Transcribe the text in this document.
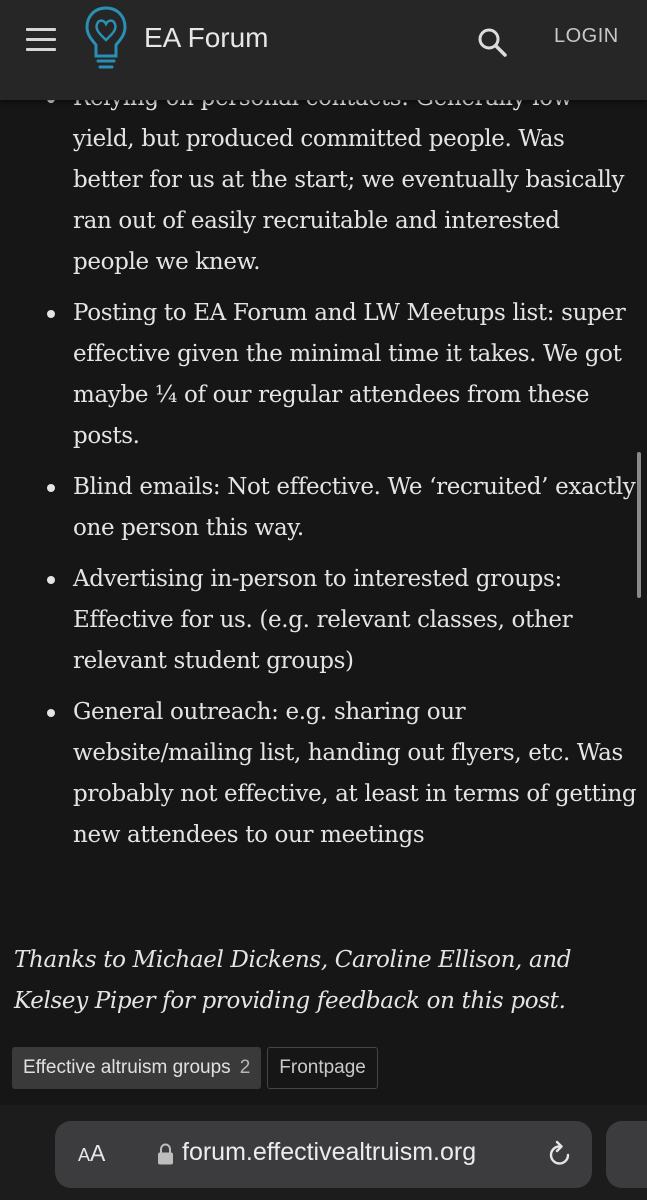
yield, but produced committed people. Was better for us at the start; we eventually basically ran out of easily recruitable and interested people we knew.
Posting to EA Forum and LW Meetups list: super effective given the minimal time it takes. We got maybe ¼ of our regular attendees from these posts.
Blind emails: Not effective. We ‘recruited’ exactly one person this way.
Advertising in-person to interested groups: Effective for us. (e.g. relevant classes, other relevant student groups)
General outreach: e.g. sharing our website/mailing list, handing out flyers, etc. Was probably not effective, at least in terms of getting new attendees to our meetings
Thanks to Michael Dickens, Caroline Ellison, and Kelsey Piper for providing feedback on this post.
Effective altruism groups 2 Frontpage
EA Forum	LOGIN
AA	forum.effectivealtruism.org
